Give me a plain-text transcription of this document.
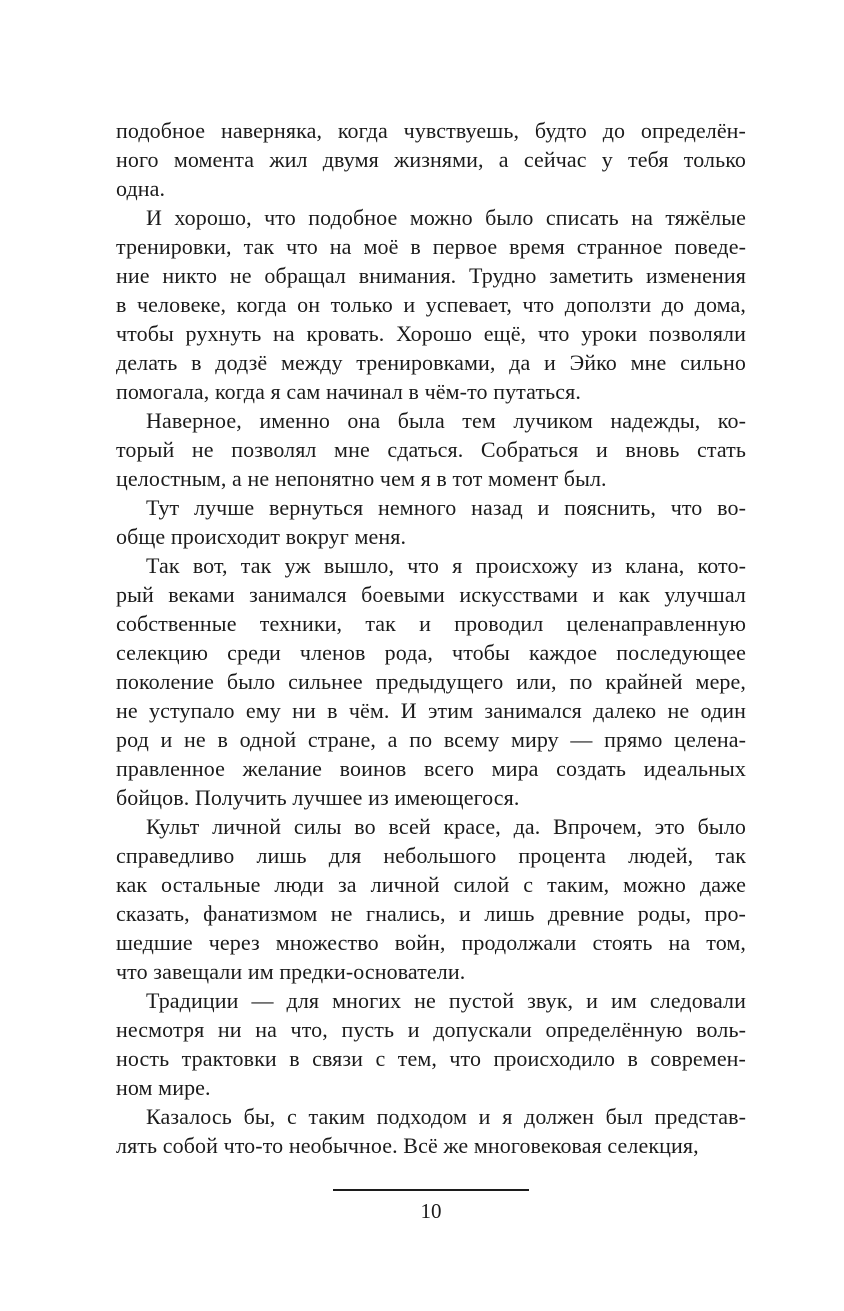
подобное наверняка, когда чувствуешь, будто до определён-
ного момента жил двумя жизнями, а сейчас у тебя только
одна.
И хорошо, что подобное можно было списать на тяжёлые
тренировки, так что на моё в первое время странное поведе-
ние никто не обращал внимания. Трудно заметить изменения
в человеке, когда он только и успевает, что доползти до дома,
чтобы рухнуть на кровать. Хорошо ещё, что уроки позволяли
делать в додзё между тренировками, да и Эйко мне сильно
помогала, когда я сам начинал в чём-то путаться.
Наверное, именно она была тем лучиком надежды, ко-
торый не позволял мне сдаться. Собраться и вновь стать
целостным, а не непонятно чем я в тот момент был.
Тут лучше вернуться немного назад и пояснить, что во-
обще происходит вокруг меня.
Так вот, так уж вышло, что я происхожу из клана, кото-
рый веками занимался боевыми искусствами и как улучшал
собственные техники, так и проводил целенаправленную
селекцию среди членов рода, чтобы каждое последующее
поколение было сильнее предыдущего или, по крайней мере,
не уступало ему ни в чём. И этим занимался далеко не один
род и не в одной стране, а по всему миру — прямо целена-
правленное желание воинов всего мира создать идеальных
бойцов. Получить лучшее из имеющегося.
Культ личной силы во всей красе, да. Впрочем, это было
справедливо лишь для небольшого процента людей, так
как остальные люди за личной силой с таким, можно даже
сказать, фанатизмом не гнались, и лишь древние роды, про-
шедшие через множество войн, продолжали стоять на том,
что завещали им предки-основатели.
Традиции — для многих не пустой звук, и им следовали
несмотря ни на что, пусть и допускали определённую воль-
ность трактовки в связи с тем, что происходило в современ-
ном мире.
Казалось бы, с таким подходом и я должен был представ-
лять собой что-то необычное. Всё же многовековая селекция,
10
